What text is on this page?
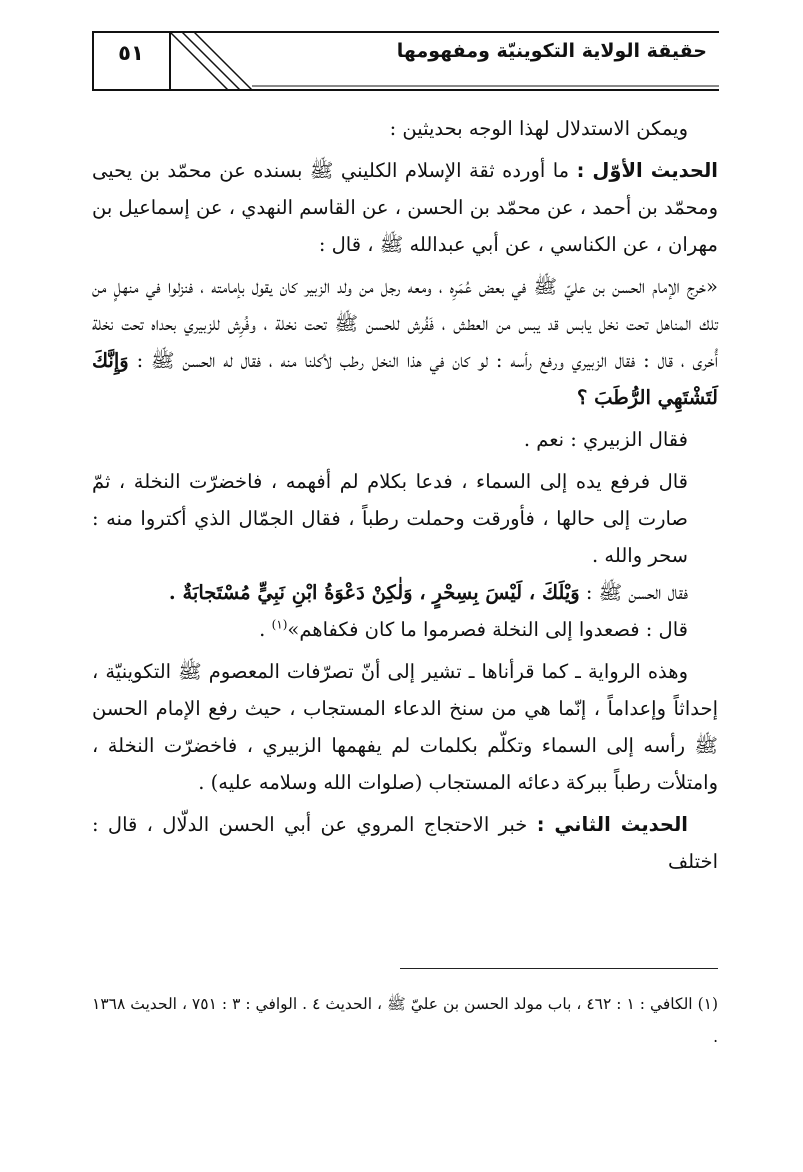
٥١	حقيقة الولاية التكوينيّة ومفهومها

ويمكن الاستدلال لهذا الوجه بحديثين :

الحديث الأوّل : ما أورده ثقة الإسلام الكليني ﷺ بسنده عن محمّد بن يحيى ومحمّد بن أحمد ، عن محمّد بن الحسن ، عن القاسم النهدي ، عن إسماعيل بن مهران ، عن الكناسي ، عن أبي عبدالله ﷺ ، قال :

«خرج الإمام الحسن بن عليّ ﷺ في بعض عُمَرِه ، ومعه رجل من ولد الزبير كان يقول بإمامته ، فنزلوا في منهلٍ من تلك المناهل تحت نخل يابس قد يبس من العطش ، فَفُرش للحسن ﷺ تحت نخلة ، وفُرِش للزبيري بحداه تحت نخلة أُخرى ، قال : فقال الزبيري ورفع رأسه : لو كان في هذا النخل رطب لأكلنا منه ، فقال له الحسن ﷺ : وَإِنَّكَ لَتَشْتَهِي الرُّطَبَ ؟

فقال الزبيري : نعم .

قال فرفع يده إلى السماء ، فدعا بكلام لم أفهمه ، فاخضرّت النخلة ، ثمّ صارت إلى حالها ، فأورقت وحملت رطباً ، فقال الجمّال الذي أكتروا منه : سحر والله .

فقال الحسن ﷺ : وَيْلَكَ ، لَيْسَ بِسِحْرٍ ، وَلٰكِنْ دَعْوَةُ ابْنِ نَبِيٍّ مُسْتَجابَةٌ .

قال : فصعدوا إلى النخلة فصرموا ما كان فكفاهم»$^{(١)}$ .

وهذه الرواية ـ كما قرأناها ـ تشير إلى أنّ تصرّفات المعصوم ﷺ التكوينيّة ، إحداثاً وإعداماً ، إنّما هي من سنخ الدعاء المستجاب ، حيث رفع الإمام الحسن ﷺ رأسه إلى السماء وتكلّم بكلمات لم يفهمها الزبيري ، فاخضرّت النخلة ، وامتلأت رطباً ببركة دعائه المستجاب (صلوات الله وسلامه عليه) .

الحديث الثاني : خبر الاحتجاج المروي عن أبي الحسن الدلّال ، قال : اختلف

(١) الكافي : ١ : ٤٦٢ ، باب مولد الحسن بن عليّ ﷺ ، الحديث ٤ . الوافي : ٣ : ٧٥١ ، الحديث ١٣٦٨ .
